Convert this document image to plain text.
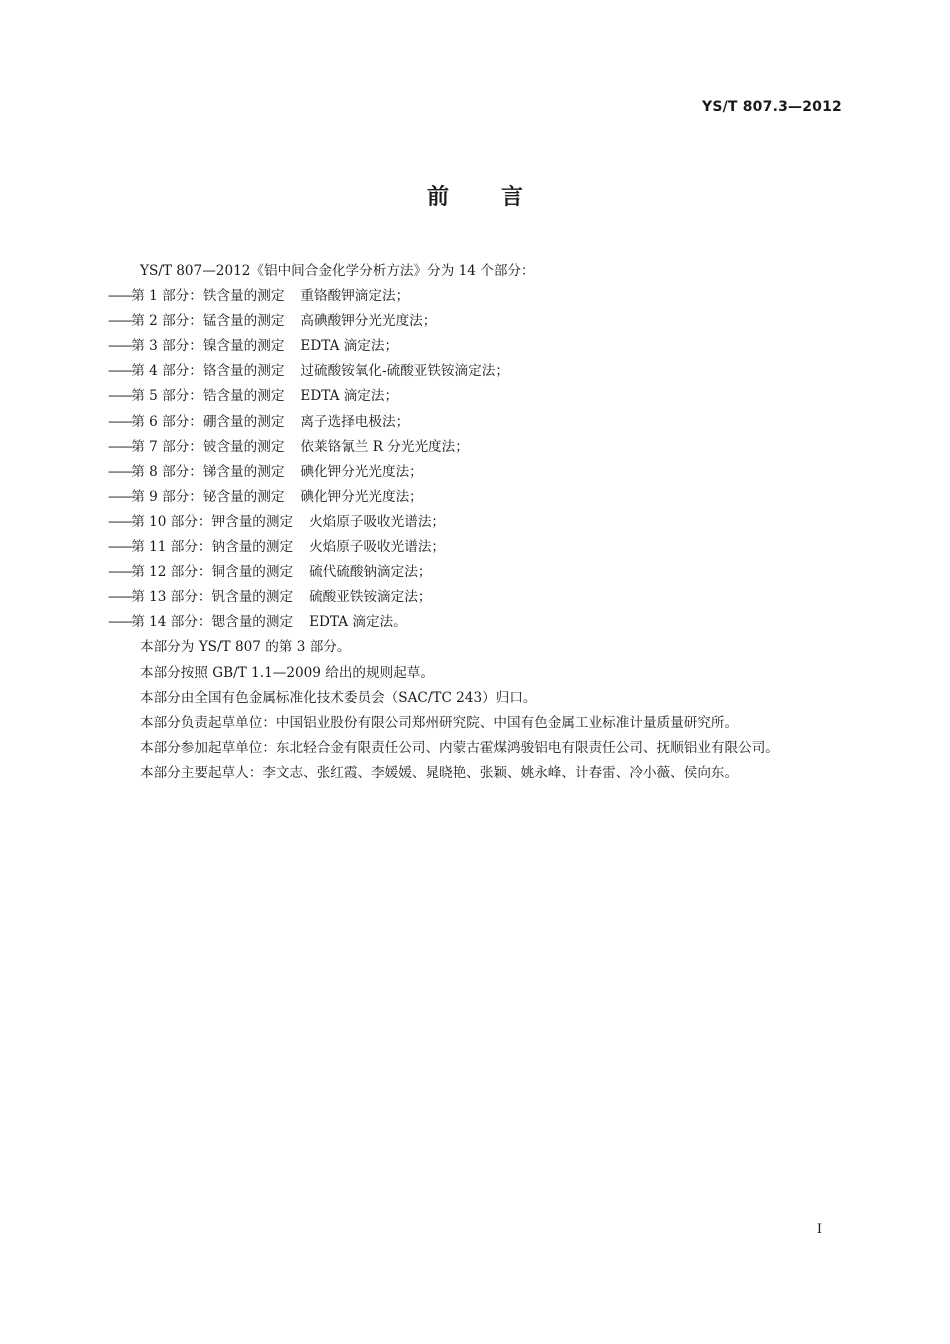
YS/T 807.3—2012
前言

YS/T 807—2012《铝中间合金化学分析方法》分为 14 个部分：

——第 1 部分：铁含量的测定 重铬酸钾滴定法；

——第 2 部分：锰含量的测定 高碘酸钾分光光度法；

——第 3 部分：镍含量的测定 EDTA 滴定法；

——第 4 部分：铬含量的测定 过硫酸铵氧化-硫酸亚铁铵滴定法；

——第 5 部分：锆含量的测定 EDTA 滴定法；

——第 6 部分：硼含量的测定 离子选择电极法；

——第 7 部分：铍含量的测定 依莱铬氰兰 R 分光光度法；

——第 8 部分：锑含量的测定 碘化钾分光光度法；

——第 9 部分：铋含量的测定 碘化钾分光光度法；

——第 10 部分：钾含量的测定 火焰原子吸收光谱法；

——第 11 部分：钠含量的测定 火焰原子吸收光谱法；

——第 12 部分：铜含量的测定 硫代硫酸钠滴定法；

——第 13 部分：钒含量的测定 硫酸亚铁铵滴定法；

——第 14 部分：锶含量的测定 EDTA 滴定法。

本部分为 YS/T 807 的第 3 部分。

本部分按照 GB/T 1.1—2009 给出的规则起草。

本部分由全国有色金属标准化技术委员会（SAC/TC 243）归口。

本部分负责起草单位：中国铝业股份有限公司郑州研究院、中国有色金属工业标准计量质量研究所。

本部分参加起草单位：东北轻合金有限责任公司、内蒙古霍煤鸿骏铝电有限责任公司、抚顺铝业有限公司。

本部分主要起草人：李文志、张红霞、李媛媛、晁晓艳、张颖、姚永峰、计春雷、冷小薇、侯向东。

I
